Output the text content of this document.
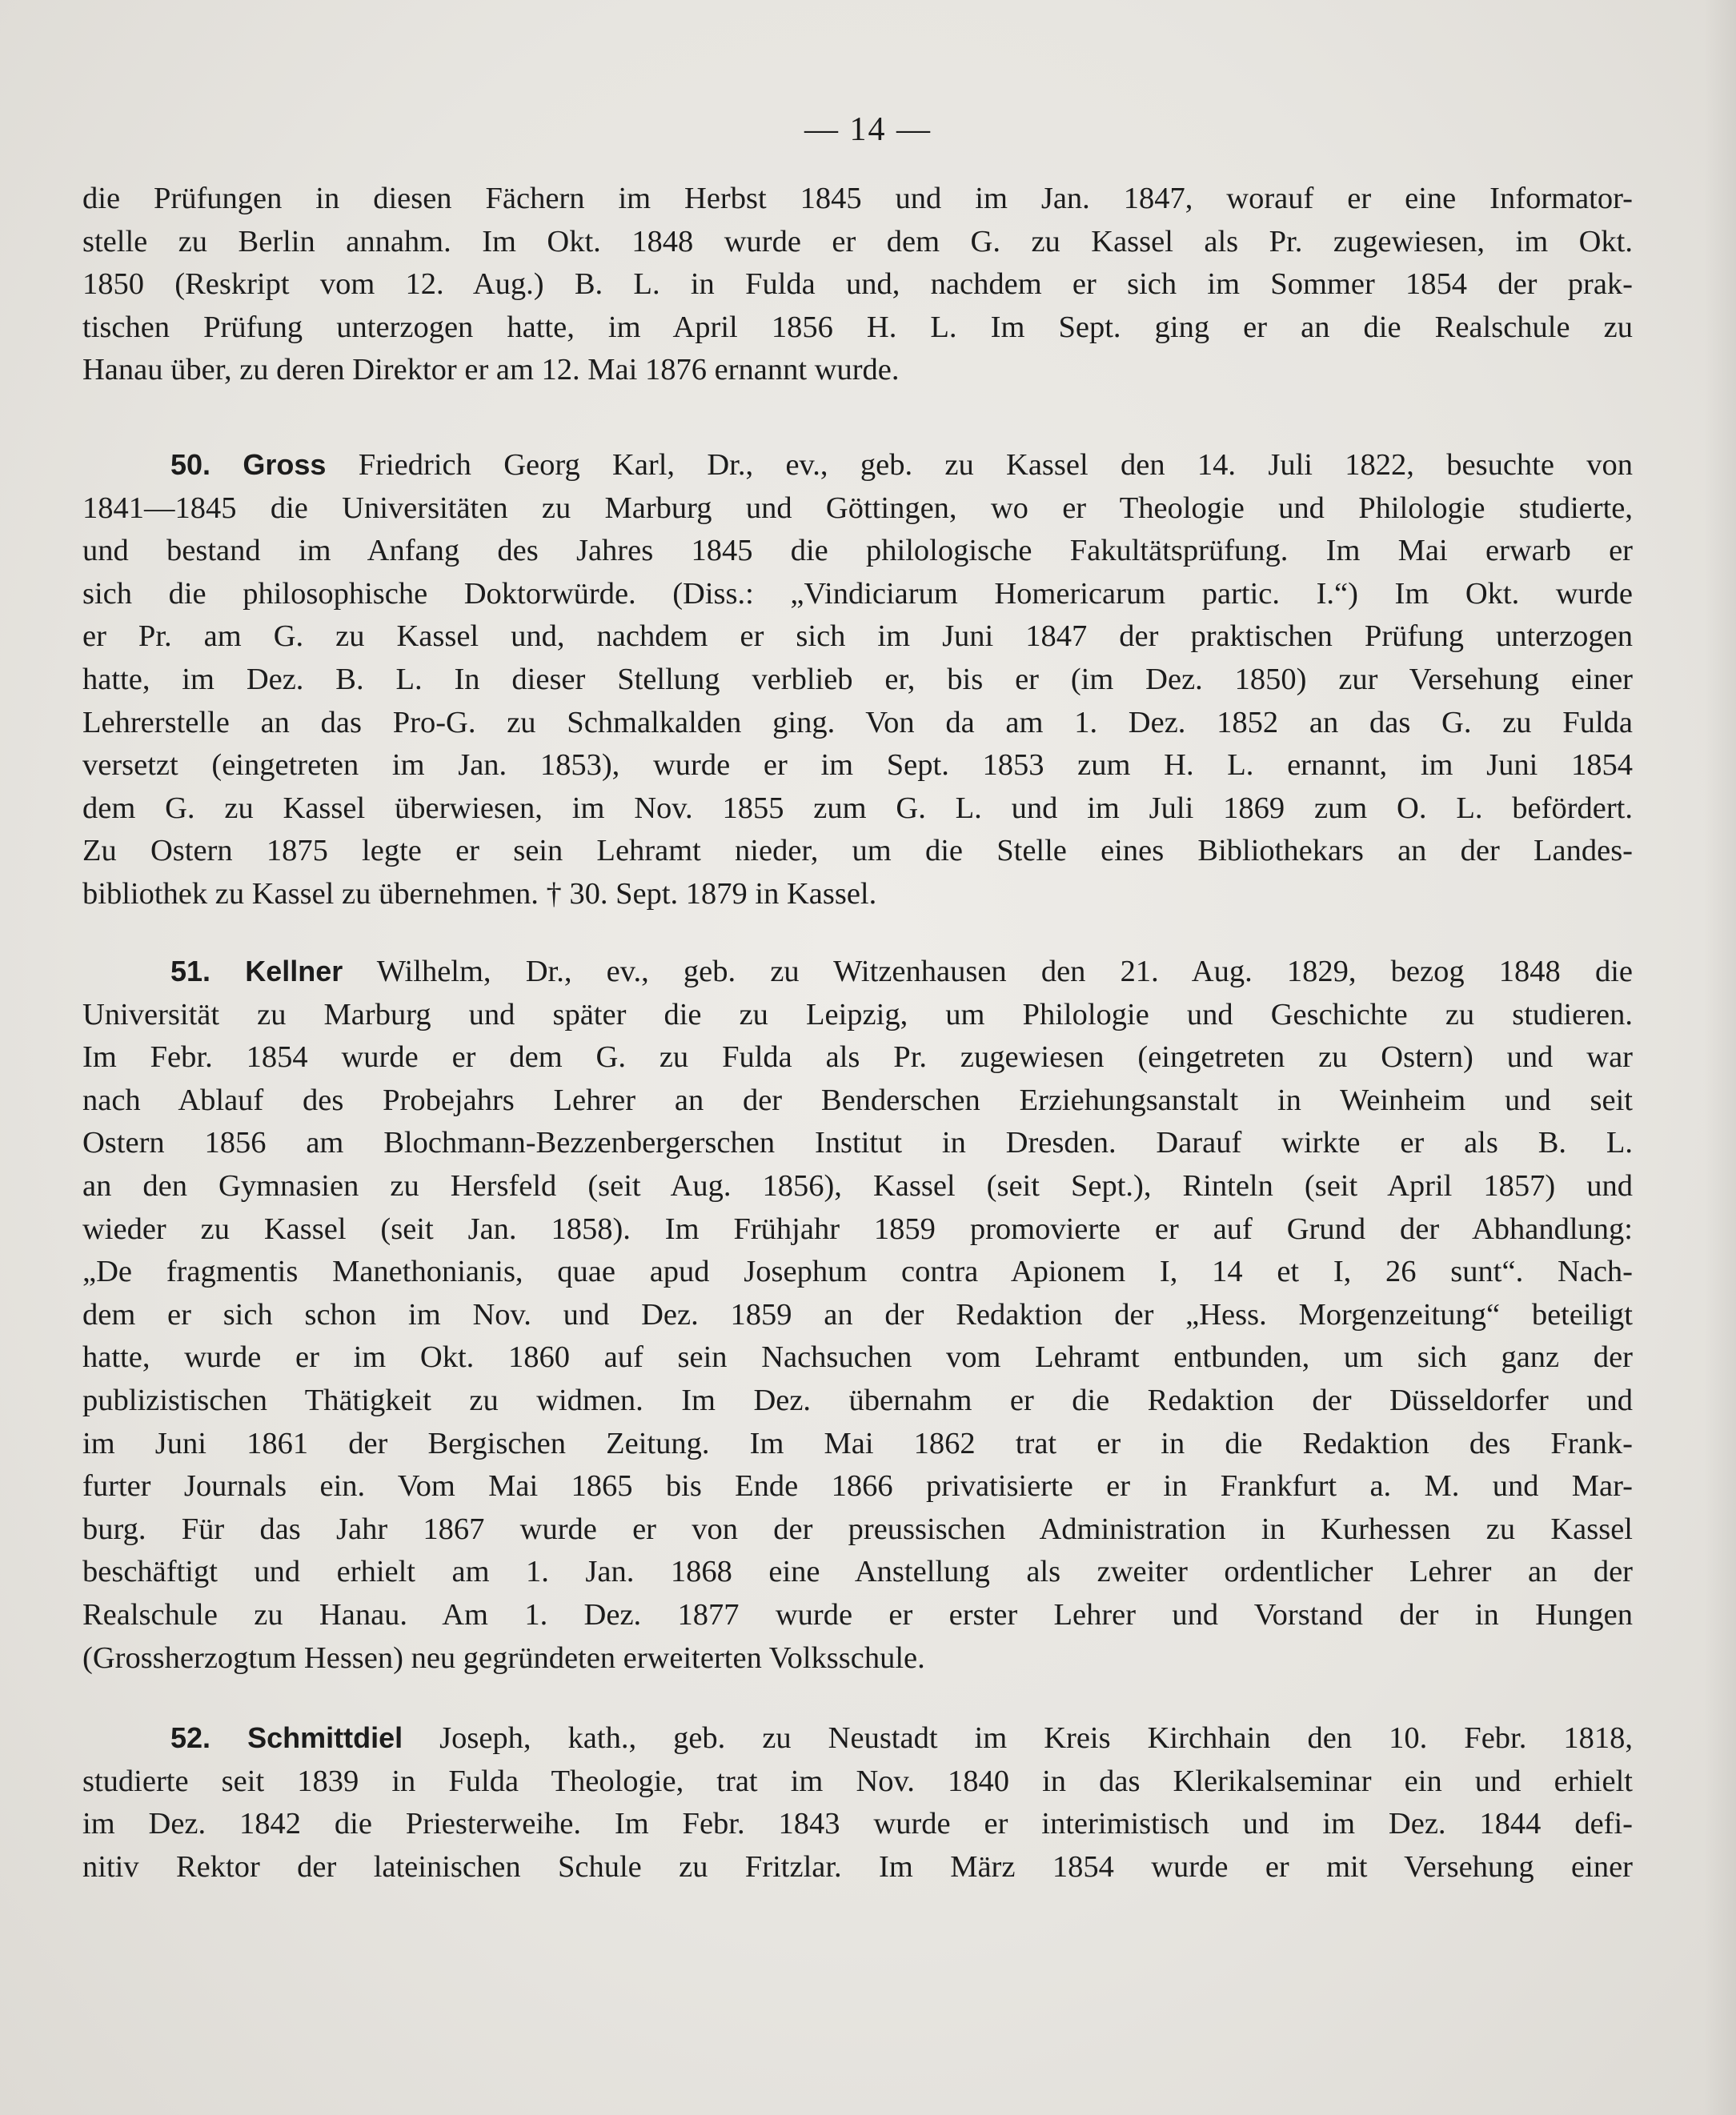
— 14 —
die Prüfungen in diesen Fächern im Herbst 1845 und im Jan. 1847, worauf er eine Informator-
stelle zu Berlin annahm. Im Okt. 1848 wurde er dem G. zu Kassel als Pr. zugewiesen, im Okt.
1850 (Reskript vom 12. Aug.) B. L. in Fulda und, nachdem er sich im Sommer 1854 der prak-
tischen Prüfung unterzogen hatte, im April 1856 H. L. Im Sept. ging er an die Realschule zu
Hanau über, zu deren Direktor er am 12. Mai 1876 ernannt wurde.
50. Gross Friedrich Georg Karl, Dr., ev., geb. zu Kassel den 14. Juli 1822, besuchte von
1841—1845 die Universitäten zu Marburg und Göttingen, wo er Theologie und Philologie studierte,
und bestand im Anfang des Jahres 1845 die philologische Fakultätsprüfung. Im Mai erwarb er
sich die philosophische Doktorwürde. (Diss.: „Vindiciarum Homericarum partic. I.“) Im Okt. wurde
er Pr. am G. zu Kassel und, nachdem er sich im Juni 1847 der praktischen Prüfung unterzogen
hatte, im Dez. B. L. In dieser Stellung verblieb er, bis er (im Dez. 1850) zur Versehung einer
Lehrerstelle an das Pro-G. zu Schmalkalden ging. Von da am 1. Dez. 1852 an das G. zu Fulda
versetzt (eingetreten im Jan. 1853), wurde er im Sept. 1853 zum H. L. ernannt, im Juni 1854
dem G. zu Kassel überwiesen, im Nov. 1855 zum G. L. und im Juli 1869 zum O. L. befördert.
Zu Ostern 1875 legte er sein Lehramt nieder, um die Stelle eines Bibliothekars an der Landes-
bibliothek zu Kassel zu übernehmen. † 30. Sept. 1879 in Kassel.
51. Kellner Wilhelm, Dr., ev., geb. zu Witzenhausen den 21. Aug. 1829, bezog 1848 die
Universität zu Marburg und später die zu Leipzig, um Philologie und Geschichte zu studieren.
Im Febr. 1854 wurde er dem G. zu Fulda als Pr. zugewiesen (eingetreten zu Ostern) und war
nach Ablauf des Probejahrs Lehrer an der Benderschen Erziehungsanstalt in Weinheim und seit
Ostern 1856 am Blochmann-Bezzenbergerschen Institut in Dresden. Darauf wirkte er als B. L.
an den Gymnasien zu Hersfeld (seit Aug. 1856), Kassel (seit Sept.), Rinteln (seit April 1857) und
wieder zu Kassel (seit Jan. 1858). Im Frühjahr 1859 promovierte er auf Grund der Abhandlung:
„De fragmentis Manethonianis, quae apud Josephum contra Apionem I, 14 et I, 26 sunt“. Nach-
dem er sich schon im Nov. und Dez. 1859 an der Redaktion der „Hess. Morgenzeitung“ beteiligt
hatte, wurde er im Okt. 1860 auf sein Nachsuchen vom Lehramt entbunden, um sich ganz der
publizistischen Thätigkeit zu widmen. Im Dez. übernahm er die Redaktion der Düsseldorfer und
im Juni 1861 der Bergischen Zeitung. Im Mai 1862 trat er in die Redaktion des Frank-
furter Journals ein. Vom Mai 1865 bis Ende 1866 privatisierte er in Frankfurt a. M. und Mar-
burg. Für das Jahr 1867 wurde er von der preussischen Administration in Kurhessen zu Kassel
beschäftigt und erhielt am 1. Jan. 1868 eine Anstellung als zweiter ordentlicher Lehrer an der
Realschule zu Hanau. Am 1. Dez. 1877 wurde er erster Lehrer und Vorstand der in Hungen
(Grossherzogtum Hessen) neu gegründeten erweiterten Volksschule.
52. Schmittdiel Joseph, kath., geb. zu Neustadt im Kreis Kirchhain den 10. Febr. 1818,
studierte seit 1839 in Fulda Theologie, trat im Nov. 1840 in das Klerikalseminar ein und erhielt
im Dez. 1842 die Priesterweihe. Im Febr. 1843 wurde er interimistisch und im Dez. 1844 defi-
nitiv Rektor der lateinischen Schule zu Fritzlar. Im März 1854 wurde er mit Versehung einer
